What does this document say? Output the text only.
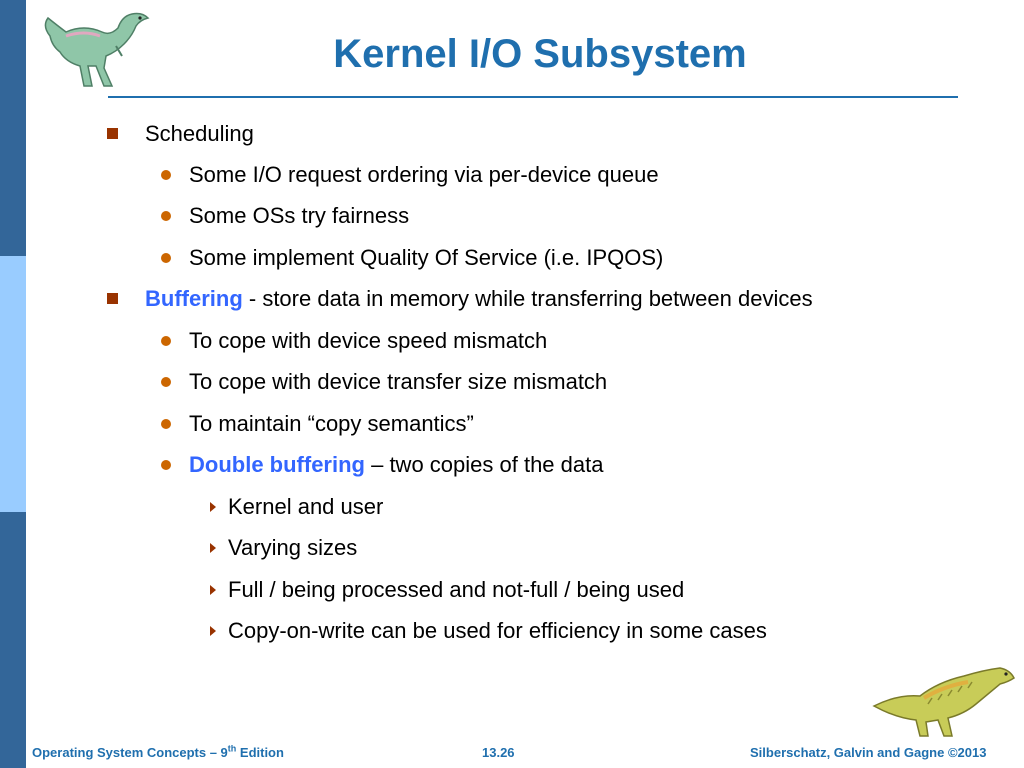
Kernel I/O Subsystem
Scheduling
Some I/O request ordering via per-device queue
Some OSs try fairness
Some implement Quality Of Service (i.e. IPQOS)
Buffering - store data in memory while transferring between devices
To cope with device speed mismatch
To cope with device transfer size mismatch
To maintain “copy semantics”
Double buffering – two copies of the data
Kernel and user
Varying sizes
Full / being processed and not-full / being used
Copy-on-write can be used for efficiency in some cases
Operating System Concepts – 9th Edition	13.26	Silberschatz, Galvin and Gagne ©2013
